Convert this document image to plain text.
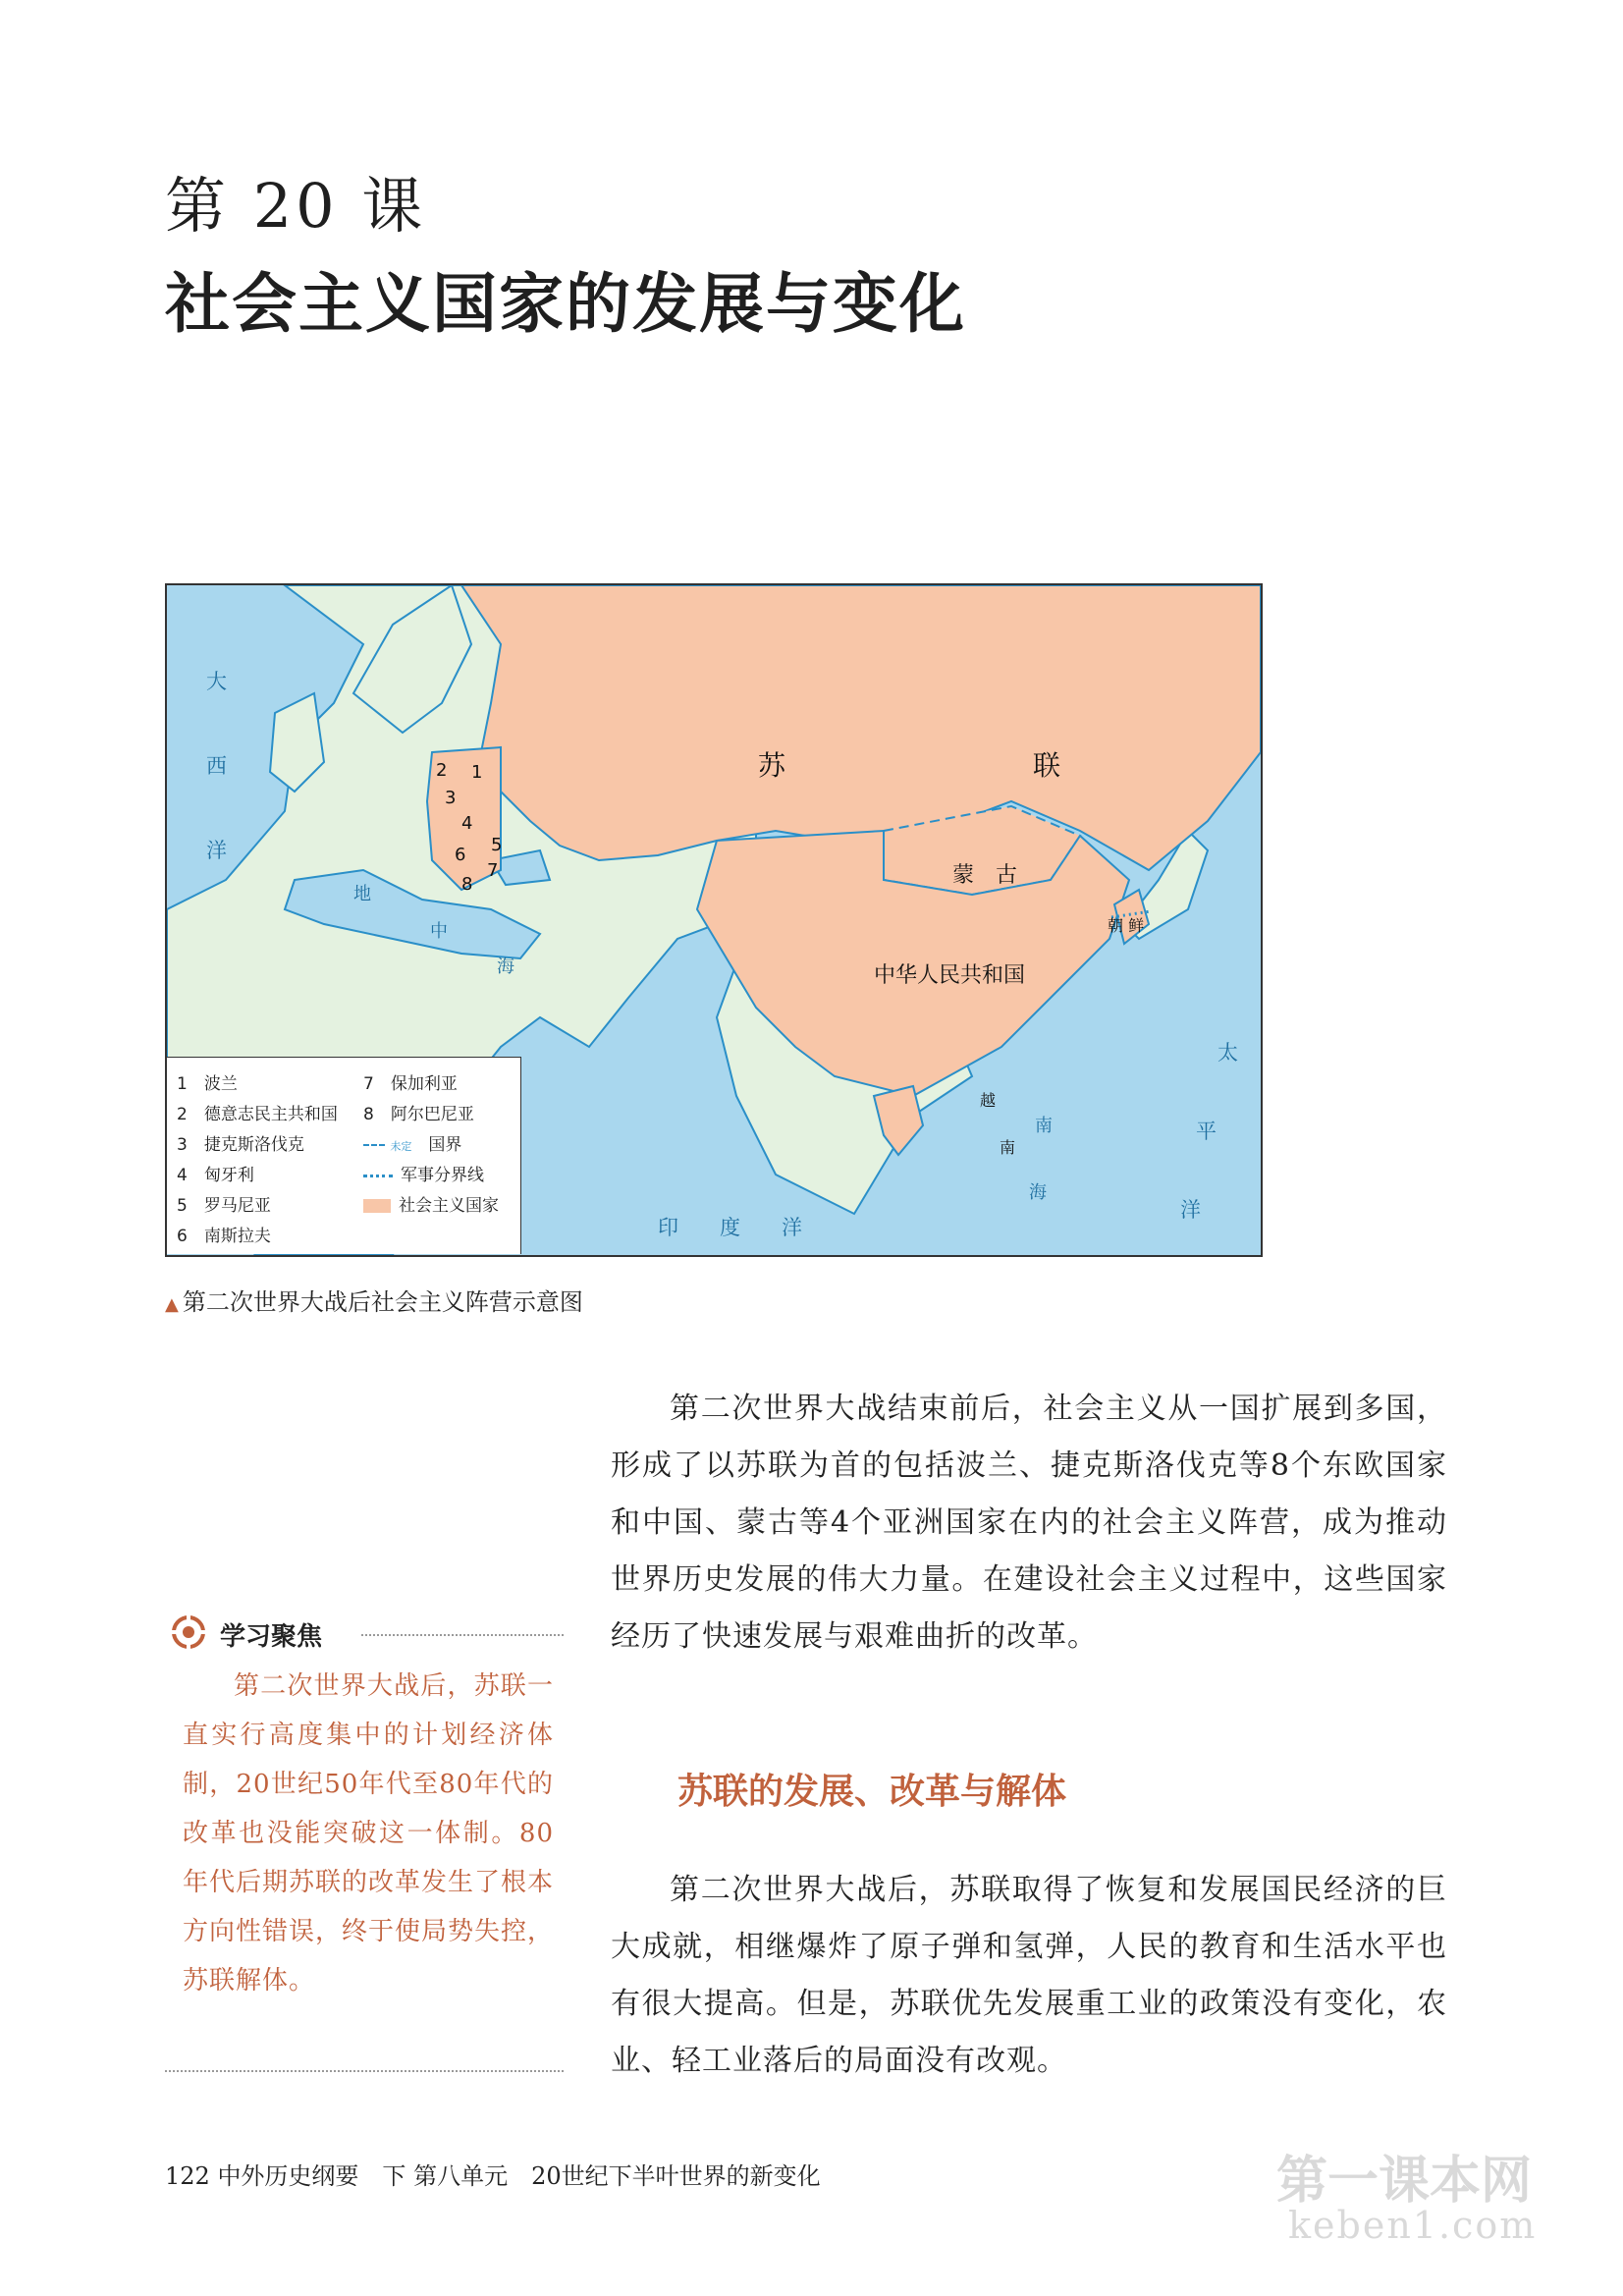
第 20 课
社会主义国家的发展与变化
苏　　　　　　　　　联
蒙　古
中华人民共和国
朝 鲜
越
南
2 1
3
4
5
6
7
8
大
西
洋
太
平
洋
印　　度　　洋
地
中
海
南
海
1　 波兰
2　 德意志民主共和国
3　 捷克斯洛伐克
4　 匈牙利
5　 罗马尼亚
6　 南斯拉夫
7　 保加利亚
8　 阿尔巴尼亚
未定　 国界
军事分界线
社会主义国家
▲ 第二次世界大战后社会主义阵营示意图

第二次世界大战结束前后，社会主义从一国扩展到多国，形成了以苏联为首的包括波兰、捷克斯洛伐克等8个东欧国家和中国、蒙古等4个亚洲国家在内的社会主义阵营，成为推动世界历史发展的伟大力量。在建设社会主义过程中，这些国家经历了快速发展与艰难曲折的改革。

学习聚焦

第二次世界大战后，苏联一直实行高度集中的计划经济体制，20世纪50年代至80年代的改革也没能突破这一体制。80年代后期苏联的改革发生了根本方向性错误，终于使局势失控，苏联解体。

苏联的发展、改革与解体

第二次世界大战后，苏联取得了恢复和发展国民经济的巨大成就，相继爆炸了原子弹和氢弹，人民的教育和生活水平也有很大提高。但是，苏联优先发展重工业的政策没有变化，农业、轻工业落后的局面没有改观。

122 中外历史纲要　下 第八单元　20世纪下半叶世界的新变化	第一课本网
keben1.com
